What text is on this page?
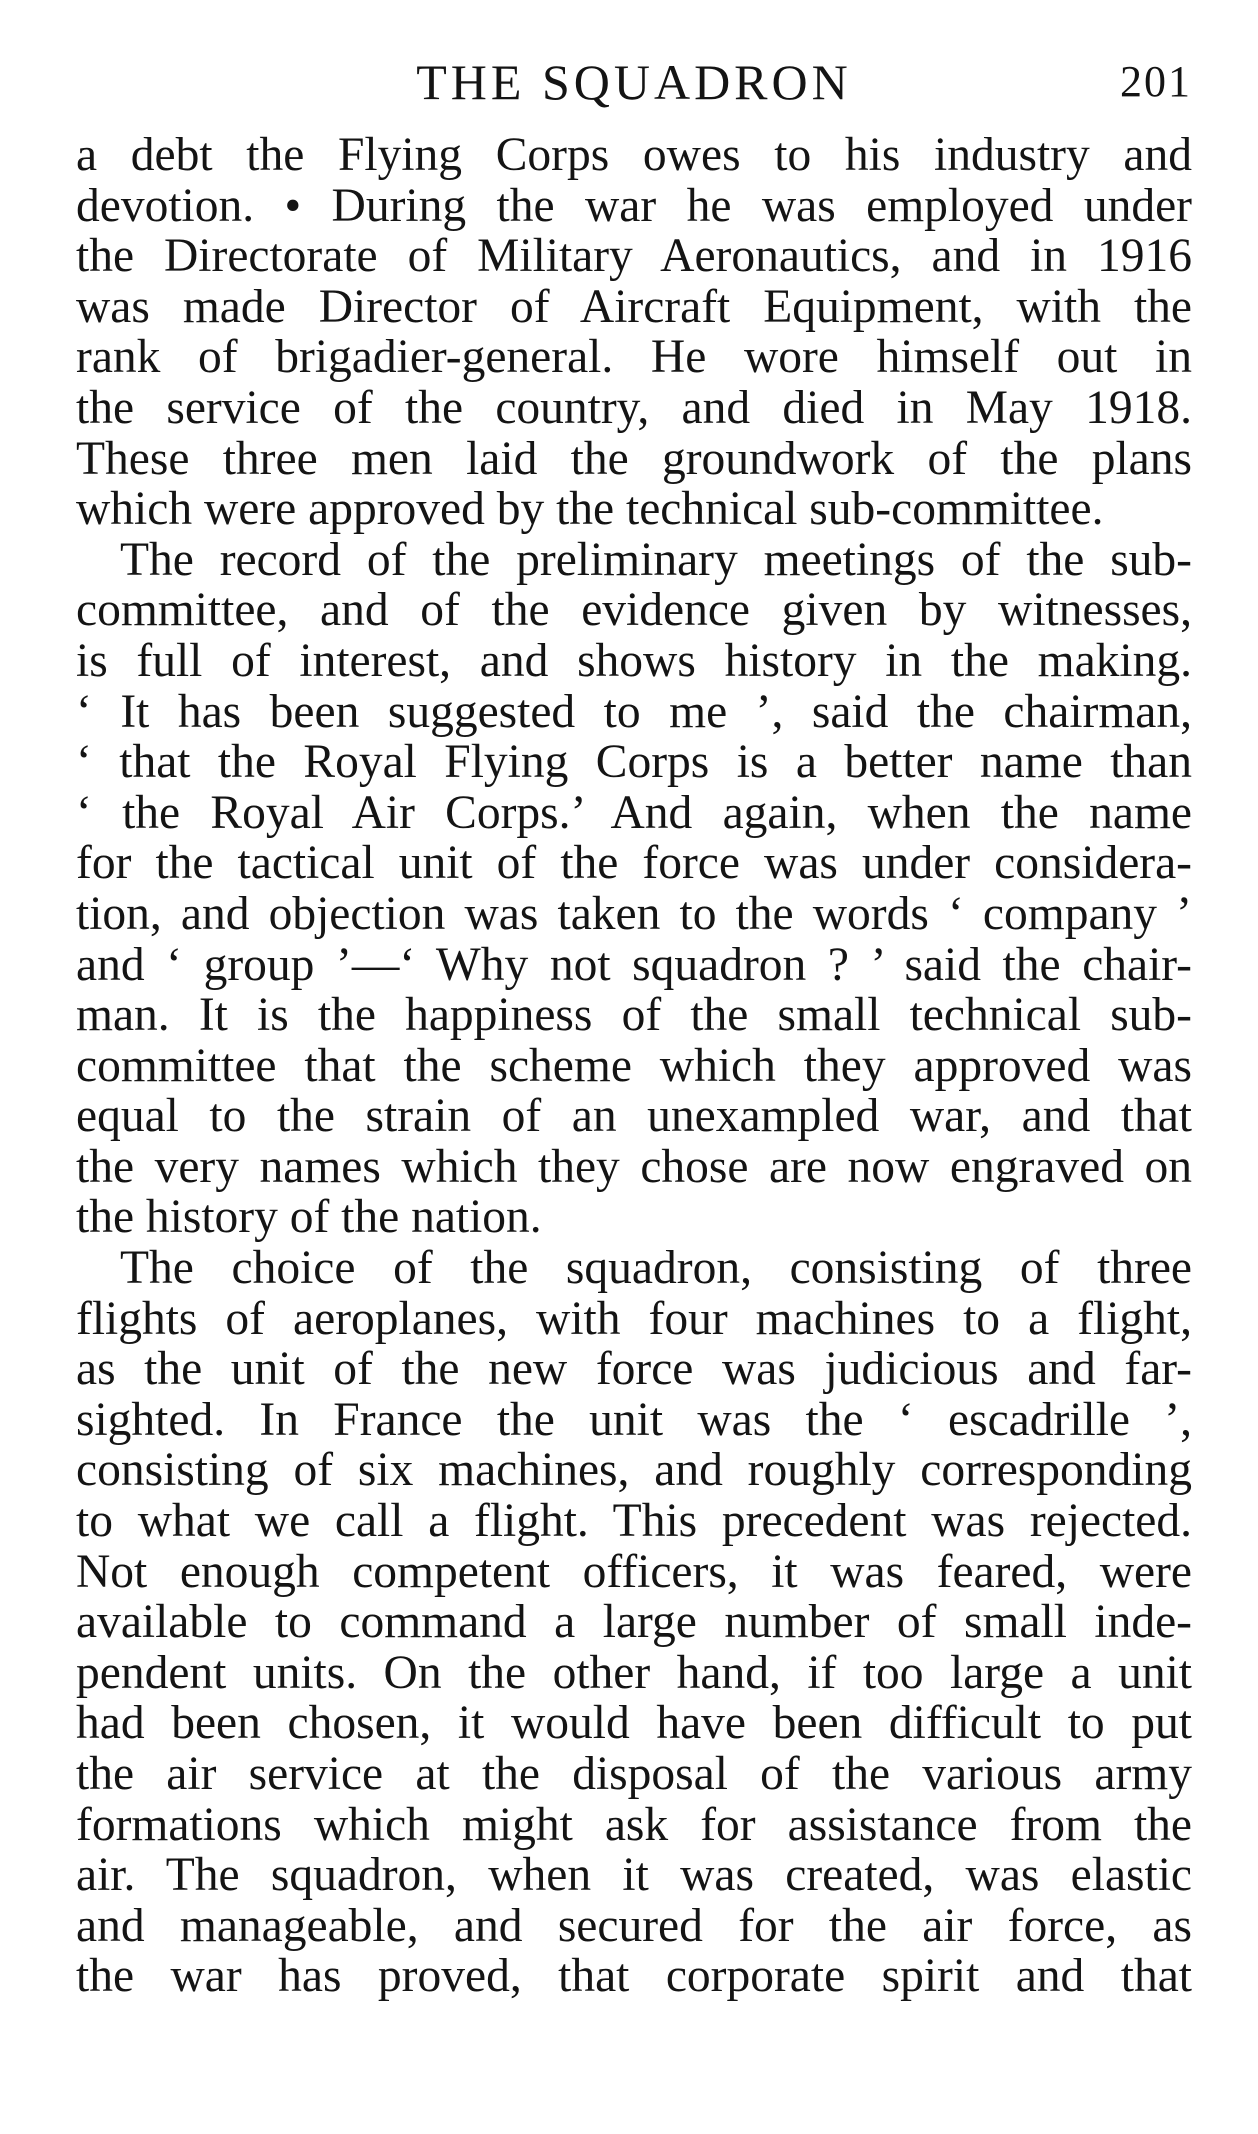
THE SQUADRON	201
a debt the Flying Corps owes to his industry and
devotion. • During the war he was employed under
the Directorate of Military Aeronautics, and in 1916
was made Director of Aircraft Equipment, with the
rank of brigadier-general. He wore himself out in
the service of the country, and died in May 1918.
These three men laid the groundwork of the plans
which were approved by the technical sub-committee.
The record of the preliminary meetings of the sub-
committee, and of the evidence given by witnesses,
is full of interest, and shows history in the making.
‘ It has been suggested to me ’, said the chairman,
‘ that the Royal Flying Corps is a better name than
‘ the Royal Air Corps.’ And again, when the name
for the tactical unit of the force was under considera-
tion, and objection was taken to the words ‘ company ’
and ‘ group ’—‘ Why not squadron ? ’ said the chair-
man. It is the happiness of the small technical sub-
committee that the scheme which they approved was
equal to the strain of an unexampled war, and that
the very names which they chose are now engraved on
the history of the nation.
The choice of the squadron, consisting of three
flights of aeroplanes, with four machines to a flight,
as the unit of the new force was judicious and far-
sighted. In France the unit was the ‘ escadrille ’,
consisting of six machines, and roughly corresponding
to what we call a flight. This precedent was rejected.
Not enough competent officers, it was feared, were
available to command a large number of small inde-
pendent units. On the other hand, if too large a unit
had been chosen, it would have been difficult to put
the air service at the disposal of the various army
formations which might ask for assistance from the
air. The squadron, when it was created, was elastic
and manageable, and secured for the air force, as
the war has proved, that corporate spirit and that
